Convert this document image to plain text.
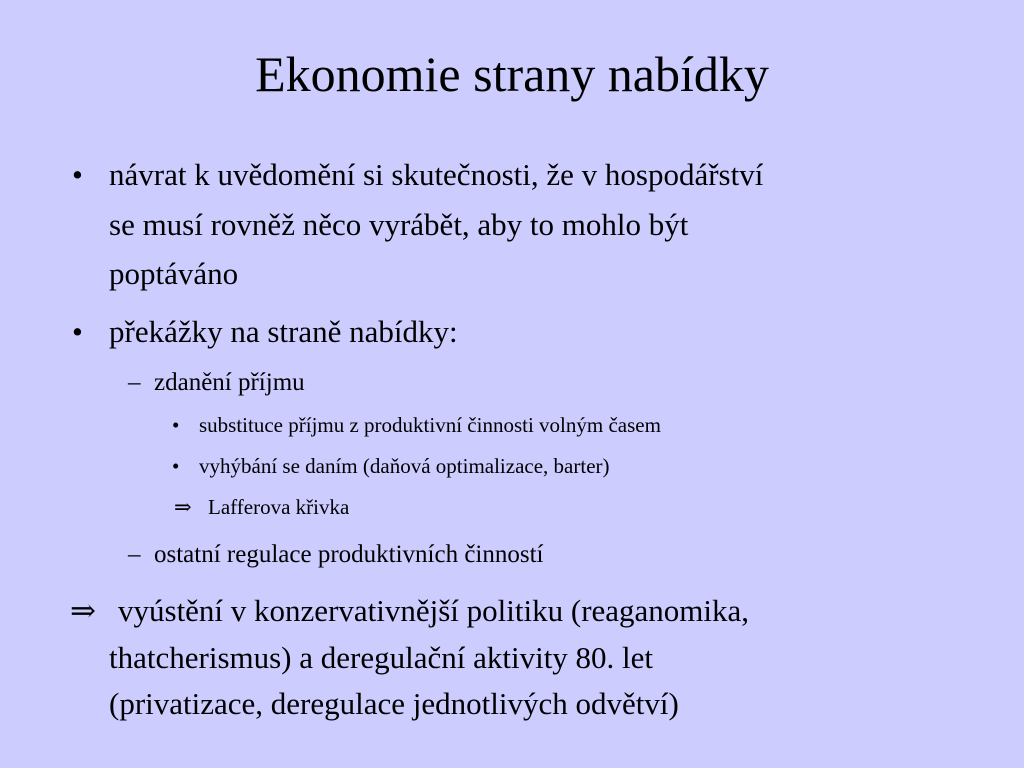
Ekonomie strany nabídky
• návrat k uvědomění si skutečnosti, že v hospodářství
se musí rovněž něco vyrábět, aby to mohlo být
poptáváno
• překážky na straně nabídky:
– zdanění příjmu
• substituce příjmu z produktivní činnosti volným časem
• vyhýbání se daním (daňová optimalizace, barter)
⇒ Lafferova křivka
– ostatní regulace produktivních činností
⇒ vyústění v konzervativnější politiku (reaganomika,
thatcherismus) a deregulační aktivity 80. let
(privatizace, deregulace jednotlivých odvětví)
